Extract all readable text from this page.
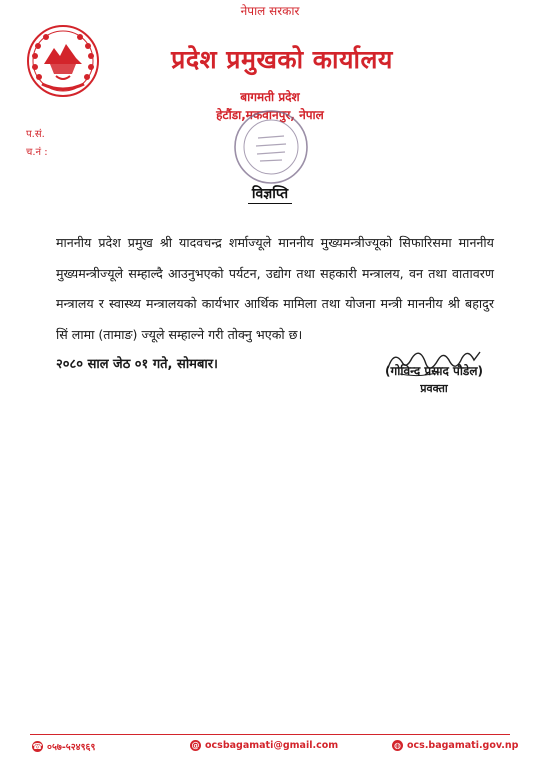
नेपाल सरकार
प्रदेश प्रमुखको कार्यालय
बागमती प्रदेश
हेटौंडा,मकवानपुर, नेपाल
प.सं.
च.नं :
विज्ञप्ति
माननीय प्रदेश प्रमुख श्री यादवचन्द्र शर्माज्यूले माननीय मुख्यमन्त्रीज्यूको सिफारिसमा माननीय मुख्यमन्त्रीज्यूले सम्हाल्दै आउनुभएको पर्यटन, उद्योग तथा सहकारी मन्त्रालय, वन तथा वातावरण मन्त्रालय र स्वास्थ्य मन्त्रालयको कार्यभार आर्थिक मामिला तथा योजना मन्त्री माननीय श्री बहादुर सिं लामा (तामाङ) ज्यूले सम्हाल्ने गरी तोक्नु भएको छ।
२०८० साल जेठ ०१ गते, सोमबार।	(गोविन्द प्रसाद पौडेल)
प्रवक्ता
☎ ०५७-५२४९६९	@ ocsbagamati@gmail.com	◍ ocs.bagamati.gov.np
